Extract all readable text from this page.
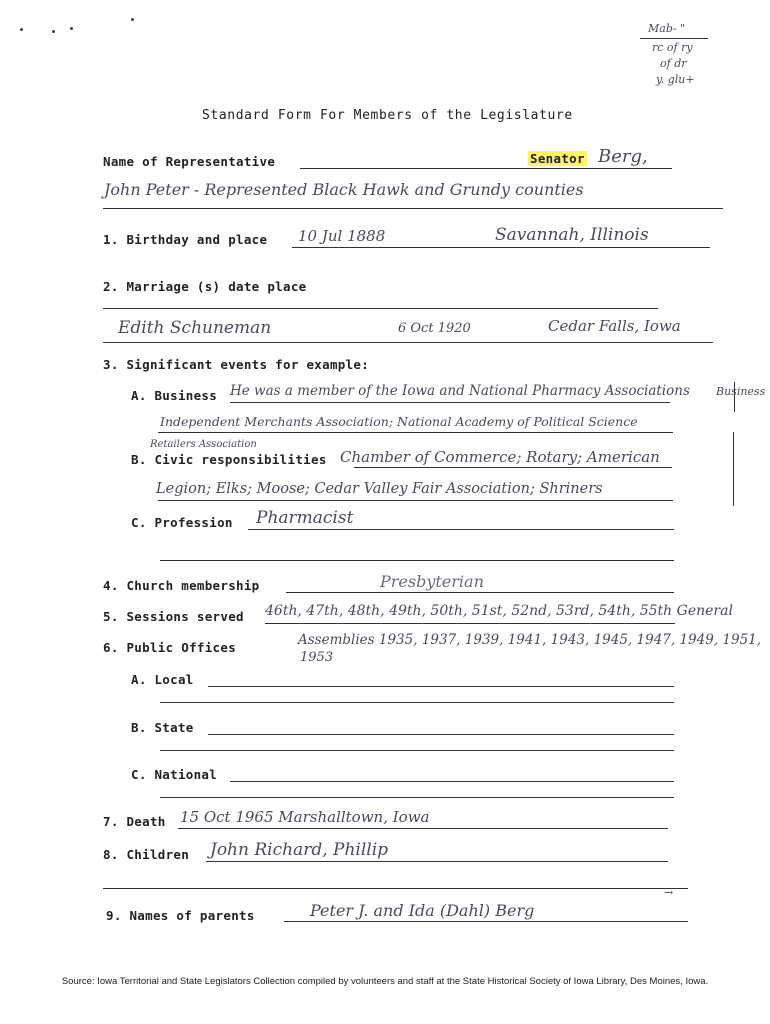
Mab- "
rc of ry
of dr
y. glu+
Standard Form For Members of the Legislature
Name of Representative	Senator Berg,
John Peter - Represented Black Hawk and Grundy counties
1. Birthday and place 10 Jul 1888	Savannah, Illinois
2. Marriage (s) date place
Edith Schuneman	6 Oct 1920	Cedar Falls, Iowa
3. Significant events for example:
A. Business He was a member of the Iowa and National Pharmacy Associations Business
Independent Merchants Association; National Academy of Political Science
Retailers Association
B. Civic responsibilities Chamber of Commerce; Rotary; American
Legion; Elks; Moose; Cedar Valley Fair Association; Shriners
C. Profession Pharmacist
4. Church membership	Presbyterian
5. Sessions served 46th, 47th, 48th, 49th, 50th, 51st, 52nd, 53rd, 54th, 55th General
6. Public Offices	Assemblies 1935, 1937, 1939, 1941, 1943, 1945, 1947, 1949, 1951,
1953
A. Local
B. State
C. National
7. Death 15 Oct 1965 Marshalltown, Iowa
8. Children John Richard, Phillip
→
9. Names of parents	Peter J. and Ida (Dahl) Berg
Source: Iowa Territorial and State Legislators Collection compiled by volunteers and staff at the State Historical Society of Iowa Library, Des Moines, Iowa.
